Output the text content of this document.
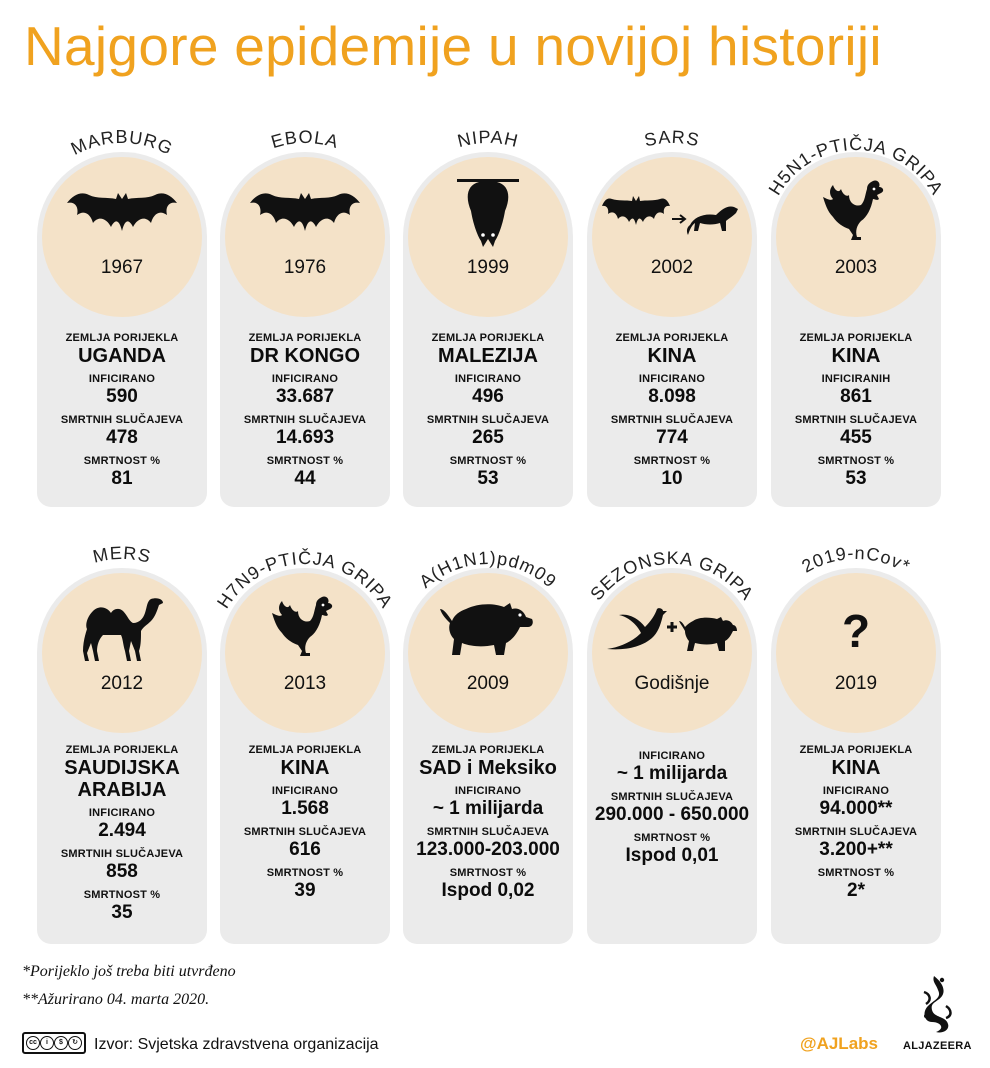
Najgore epidemije u novijoj historiji
1967
MARBURG
ZEMLJA PORIJEKLA
UGANDA
INFICIRANO
590
SMRTNIH SLUČAJEVA
478
SMRTNOST %
81
1976
EBOLA
ZEMLJA PORIJEKLA
DR KONGO
INFICIRANO
33.687
SMRTNIH SLUČAJEVA
14.693
SMRTNOST %
44
1999
NIPAH
ZEMLJA PORIJEKLA
MALEZIJA
INFICIRANO
496
SMRTNIH SLUČAJEVA
265
SMRTNOST %
53
2002
SARS
ZEMLJA PORIJEKLA
KINA
INFICIRANO
8.098
SMRTNIH SLUČAJEVA
774
SMRTNOST %
10
2003
H5N1-PTIČJA GRIPA
ZEMLJA PORIJEKLA
KINA
INFICIRANIH
861
SMRTNIH SLUČAJEVA
455
SMRTNOST %
53
2012
MERS
ZEMLJA PORIJEKLA
SAUDIJSKA ARABIJA
INFICIRANO
2.494
SMRTNIH SLUČAJEVA
858
SMRTNOST %
35
2013
H7N9-PTIČJA GRIPA
ZEMLJA PORIJEKLA
KINA
INFICIRANO
1.568
SMRTNIH SLUČAJEVA
616
SMRTNOST %
39
2009
A(H1N1)pdm09
ZEMLJA PORIJEKLA
SAD i Meksiko
INFICIRANO
~ 1 milijarda
SMRTNIH SLUČAJEVA
123.000-203.000
SMRTNOST %
Ispod 0,02
Godišnje
SEZONSKA GRIPA
INFICIRANO
~ 1 milijarda
SMRTNIH SLUČAJEVA
290.000 - 650.000
SMRTNOST %
Ispod 0,01
?
2019
2019-nCov*
ZEMLJA PORIJEKLA
KINA
INFICIRANO
94.000**
SMRTNIH SLUČAJEVA
3.200+**
SMRTNOST %
2*
*Porijeklo još treba biti utvrđeno
**Ažurirano 04. marta 2020.
cc	i	$	↻ Izvor: Svjetska zdravstvena organizacija	@AJLabs ALJAZEERA
